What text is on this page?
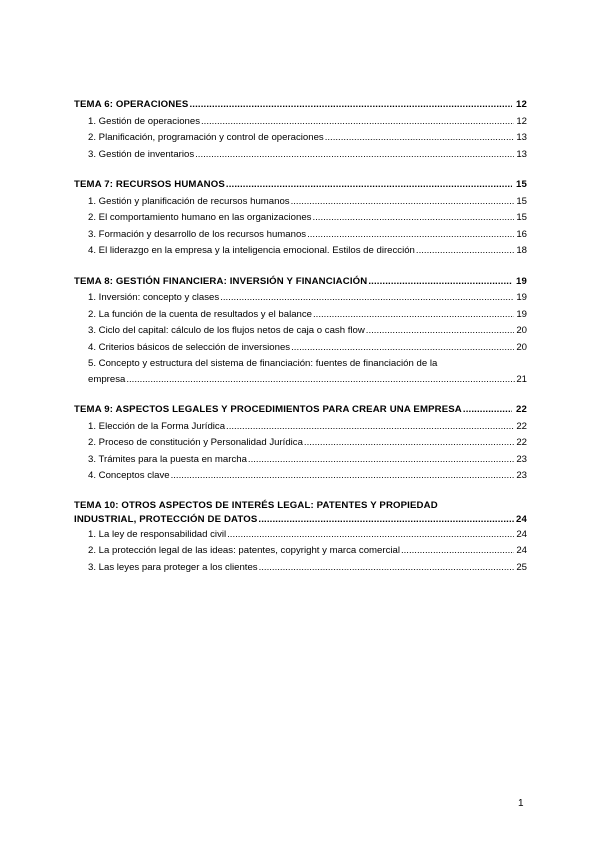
TEMA 6: OPERACIONES .....	12
1. Gestión de operaciones .....	12
2. Planificación, programación y control de operaciones .....	13
3. Gestión de inventarios .....	13
TEMA 7: RECURSOS HUMANOS .....	15
1. Gestión y planificación de recursos humanos .....	15
2. El comportamiento humano en las organizaciones .....	15
3. Formación y desarrollo de los recursos humanos .....	16
4. El liderazgo en la empresa y la inteligencia emocional. Estilos de dirección .....	18
TEMA 8: GESTIÓN FINANCIERA: INVERSIÓN Y FINANCIACIÓN .....	19
1. Inversión: concepto y clases .....	19
2. La función de la cuenta de resultados y el balance .....	19
3. Ciclo del capital: cálculo de los flujos netos de caja o cash flow .....	20
4. Criterios básicos de selección de inversiones .....	20
5. Concepto y estructura del sistema de financiación: fuentes de financiación de la
empresa .....	21
TEMA 9: ASPECTOS LEGALES Y PROCEDIMIENTOS PARA CREAR UNA EMPRESA .....	22
1. Elección de la Forma Jurídica .....	22
2. Proceso de constitución y Personalidad Jurídica .....	22
3. Trámites para la puesta en marcha .....	23
4. Conceptos clave .....	23
TEMA 10: OTROS ASPECTOS DE INTERÉS LEGAL: PATENTES Y PROPIEDAD
INDUSTRIAL, PROTECCIÓN DE DATOS .....	24
1. La ley de responsabilidad civil .....	24
2. La protección legal de las ideas: patentes, copyright y marca comercial .....	24
3. Las leyes para proteger a los clientes .....	25
1
